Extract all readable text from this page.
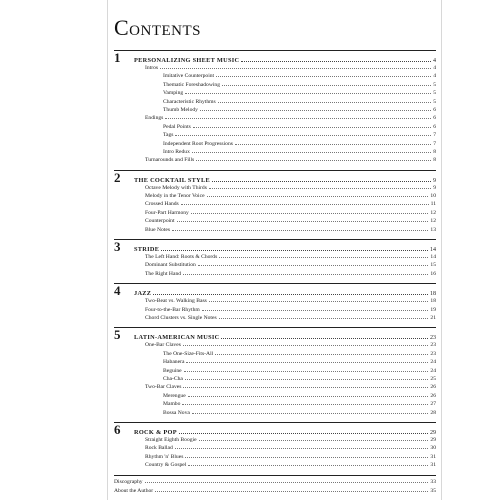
Contents
1	PERSONALIZING SHEET MUSIC	4
Intros	4
Imitative Counterpoint	4
Thematic Foreshadowing	5
Vamping	5
Characteristic Rhythms	5
Thumb Melody	6
Endings	6
Pedal Points	6
Tags	7
Independent Root Progressions	7
Intro Redux	8
Turnarounds and Fills	8
2	THE COCKTAIL STYLE	9
Octave Melody with Thirds	9
Melody in the Tenor Voice	10
Crossed Hands	11
Four-Part Harmony	12
Counterpoint	12
Blue Notes	13
3	STRIDE	14
The Left Hand: Roots & Chords	14
Dominant Substitution	15
The Right Hand	16
4	JAZZ	18
Two-Beat vs. Walking Bass	18
Four-to-the-Bar Rhythm	19
Chord Clusters vs. Single Notes	21
5	LATIN-AMERICAN MUSIC	23
One-Bar Claves	23
The One-Size-Fits-All	23
Habanera	24
Beguine	24
Cha-Cha	25
Two-Bar Claves	26
Merengue	26
Mambo	27
Bossa Nova	28
6	ROCK & POP	29
Straight Eighth Boogie	29
Rock Ballad	30
Rhythm 'n' Blues	31
Country & Gospel	31
Discography	33
About the Author	35
